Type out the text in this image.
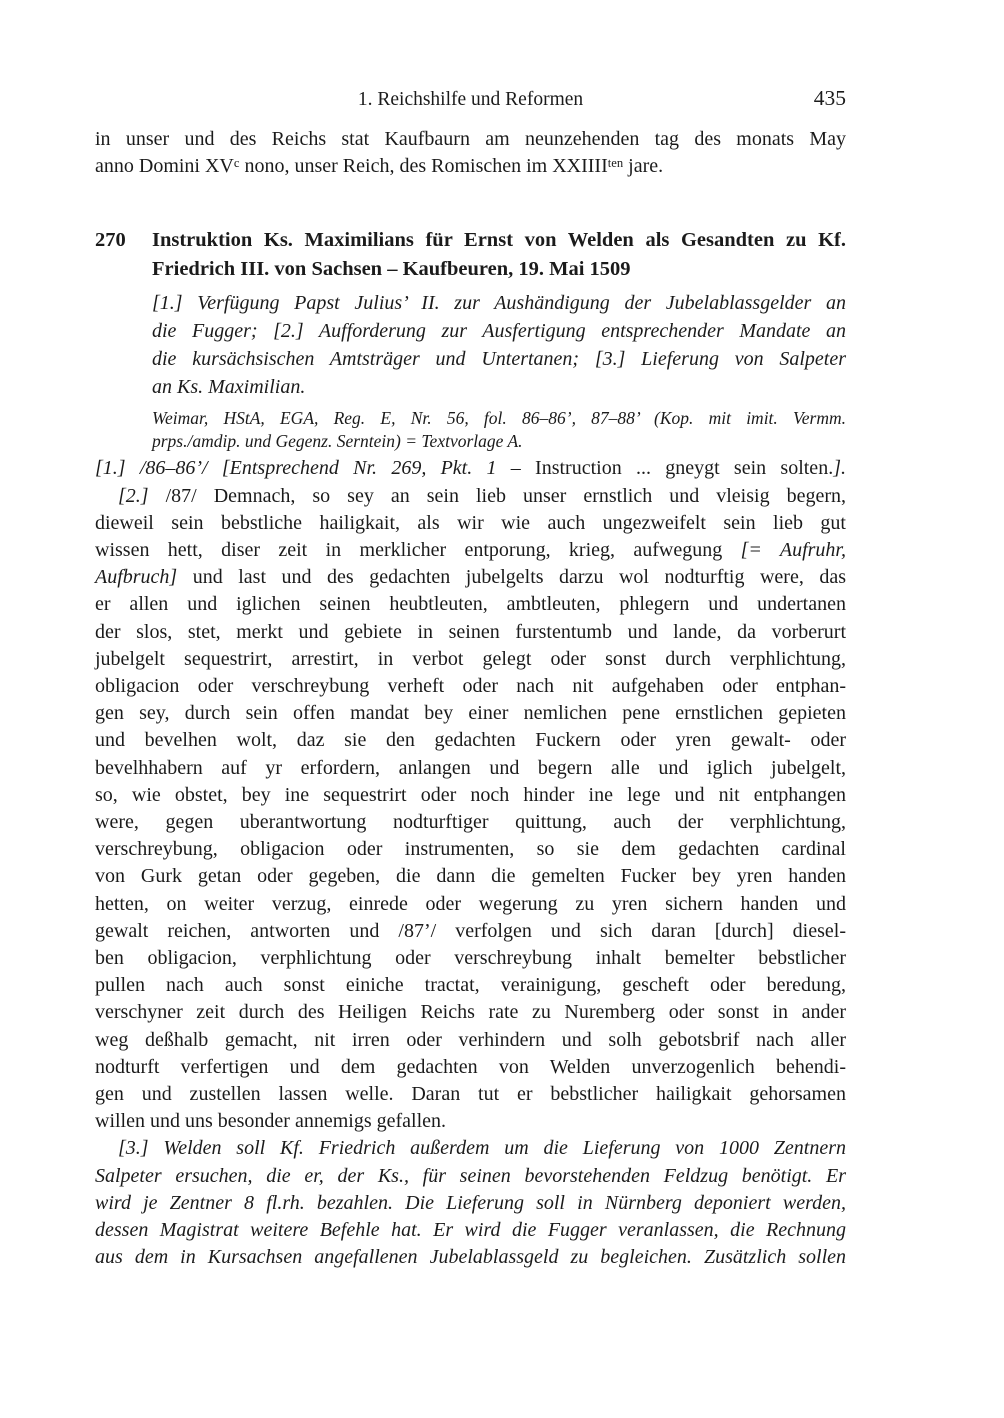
1. Reichshilfe und Reformen	435
in unser und des Reichs stat Kaufbaurn am neunzehenden tag des monats May
anno Domini $XV^c$ nono, unser Reich, des Romischen im $XXIIII^{ten}$ jare.
270	Instruktion Ks. Maximilians für Ernst von Welden als Gesandten zu Kf.
Friedrich III. von Sachsen – Kaufbeuren, 19. Mai 1509
[1.] Verfügung Papst Julius’ II. zur Aushändigung der Jubelablassgelder an
die Fugger; [2.] Aufforderung zur Ausfertigung entsprechender Mandate an
die kursächsischen Amtsträger und Untertanen; [3.] Lieferung von Salpeter
an Ks. Maximilian.
Weimar, HStA, EGA, Reg. E, Nr. 56, fol. 86–86’, 87–88’ (Kop. mit imit. Vermm.
prps./amdip. und Gegenz. Serntein) = Textvorlage A.
[1.] /86–86’/ [Entsprechend Nr. 269, Pkt. 1 – Instruction ... gneygt sein solten.].
[2.] /87/ Demnach, so sey an sein lieb unser ernstlich und vleisig begern,
dieweil sein bebstliche hailigkait, als wir wie auch ungezweifelt sein lieb gut
wissen hett, diser zeit in merklicher entporung, krieg, aufwegung [= Aufruhr,
Aufbruch] und last und des gedachten jubelgelts darzu wol nodturftig were, das
er allen und iglichen seinen heubtleuten, ambtleuten, phlegern und undertanen
der slos, stet, merkt und gebiete in seinen furstentumb und lande, da vorberurt
jubelgelt sequestrirt, arrestirt, in verbot gelegt oder sonst durch verphlichtung,
obligacion oder verschreybung verheft oder nach nit aufgehaben oder entphan-
gen sey, durch sein offen mandat bey einer nemlichen pene ernstlichen gepieten
und bevelhen wolt, daz sie den gedachten Fuckern oder yren gewalt- oder
bevelhhabern auf yr erfordern, anlangen und begern alle und iglich jubelgelt,
so, wie obstet, bey ine sequestrirt oder noch hinder ine lege und nit entphangen
were, gegen uberantwortung nodturftiger quittung, auch der verphlichtung,
verschreybung, obligacion oder instrumenten, so sie dem gedachten cardinal
von Gurk getan oder gegeben, die dann die gemelten Fucker bey yren handen
hetten, on weiter verzug, einrede oder wegerung zu yren sichern handen und
gewalt reichen, antworten und /87’/ verfolgen und sich daran [durch] diesel-
ben obligacion, verphlichtung oder verschreybung inhalt bemelter bebstlicher
pullen nach auch sonst einiche tractat, verainigung, gescheft oder beredung,
verschyner zeit durch des Heiligen Reichs rate zu Nuremberg oder sonst in ander
weg deßhalb gemacht, nit irren oder verhindern und solh gebotsbrif nach aller
nodturft verfertigen und dem gedachten von Welden unverzogenlich behendi-
gen und zustellen lassen welle. Daran tut er bebstlicher hailigkait gehorsamen
willen und uns besonder annemigs gefallen.
[3.] Welden soll Kf. Friedrich außerdem um die Lieferung von 1000 Zentnern
Salpeter ersuchen, die er, der Ks., für seinen bevorstehenden Feldzug benötigt. Er
wird je Zentner 8 fl.rh. bezahlen. Die Lieferung soll in Nürnberg deponiert werden,
dessen Magistrat weitere Befehle hat. Er wird die Fugger veranlassen, die Rechnung
aus dem in Kursachsen angefallenen Jubelablassgeld zu begleichen. Zusätzlich sollen
